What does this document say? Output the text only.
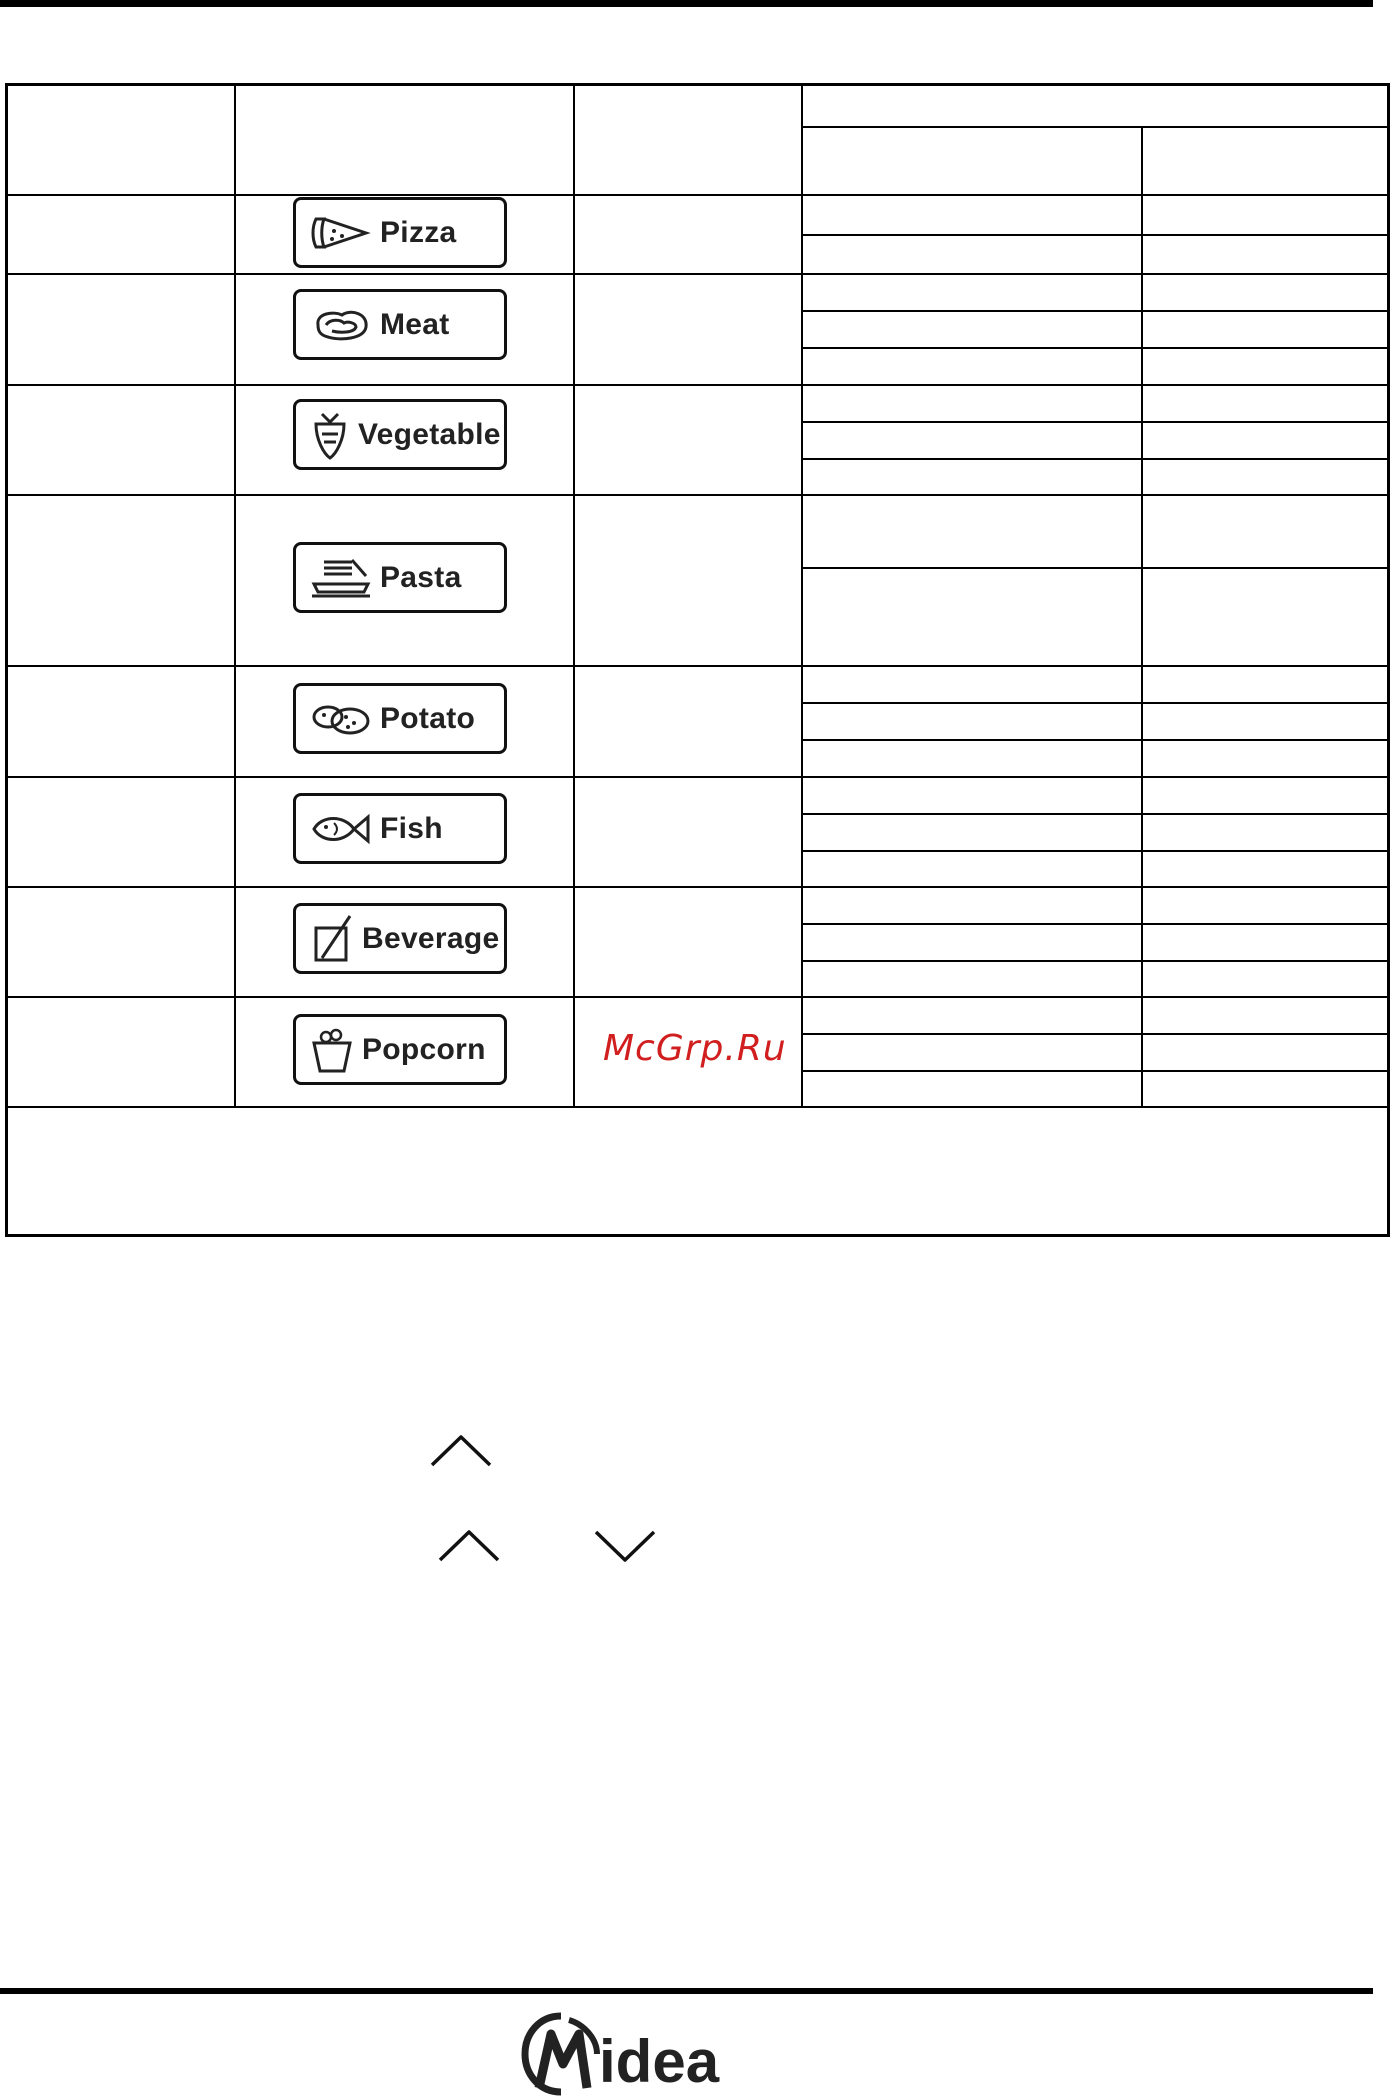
Pizza
Meat
Vegetable
Pasta
Potato
Fish
Beverage
Popcorn	McGrp.Ru
idea
